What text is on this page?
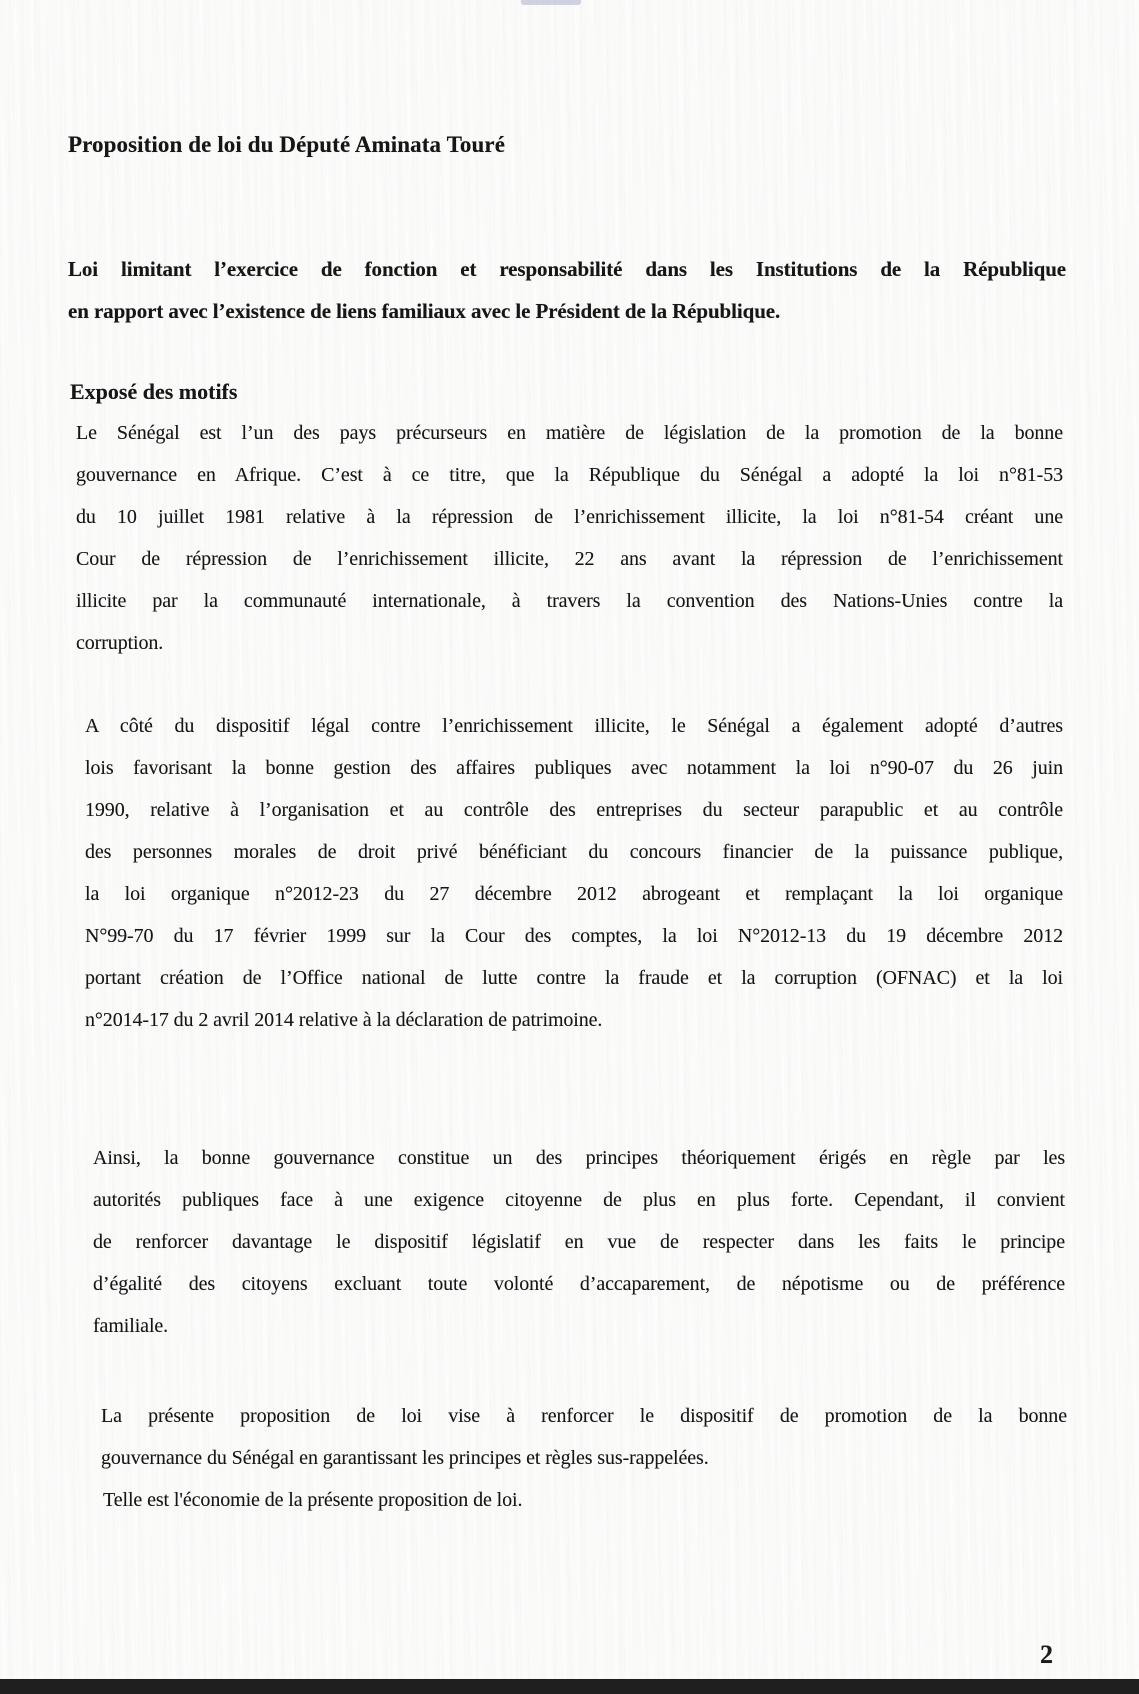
Proposition de loi du Député Aminata Touré
Loi limitant l’exercice de fonction et responsabilité dans les Institutions de la République
en rapport avec l’existence de liens familiaux avec le Président de la République.
Exposé des motifs
Le Sénégal est l’un des pays précurseurs en matière de législation de la promotion de la bonne
gouvernance en Afrique. C’est à ce titre, que la République du Sénégal a adopté la loi n°81-53
du 10 juillet 1981 relative à la répression de l’enrichissement illicite, la loi n°81-54 créant une
Cour de répression de l’enrichissement illicite, 22 ans avant la répression de l’enrichissement
illicite par la communauté internationale, à travers la convention des Nations-Unies contre la
corruption.
A côté du dispositif légal contre l’enrichissement illicite, le Sénégal a également adopté d’autres
lois favorisant la bonne gestion des affaires publiques avec notamment la loi n°90-07 du 26 juin
1990, relative à l’organisation et au contrôle des entreprises du secteur parapublic et au contrôle
des personnes morales de droit privé bénéficiant du concours financier de la puissance publique,
la loi organique n°2012-23 du 27 décembre 2012 abrogeant et remplaçant la loi organique
N°99-70 du 17 février 1999 sur la Cour des comptes, la loi N°2012-13 du 19 décembre 2012
portant création de l’Office national de lutte contre la fraude et la corruption (OFNAC) et la loi
n°2014-17 du 2 avril 2014 relative à la déclaration de patrimoine.
Ainsi, la bonne gouvernance constitue un des principes théoriquement érigés en règle par les
autorités publiques face à une exigence citoyenne de plus en plus forte. Cependant, il convient
de renforcer davantage le dispositif législatif en vue de respecter dans les faits le principe
d’égalité des citoyens excluant toute volonté d’accaparement, de népotisme ou de préférence
familiale.
La présente proposition de loi vise à renforcer le dispositif de promotion de la bonne
gouvernance du Sénégal en garantissant les principes et règles sus-rappelées.
Telle est l'économie de la présente proposition de loi.
2
